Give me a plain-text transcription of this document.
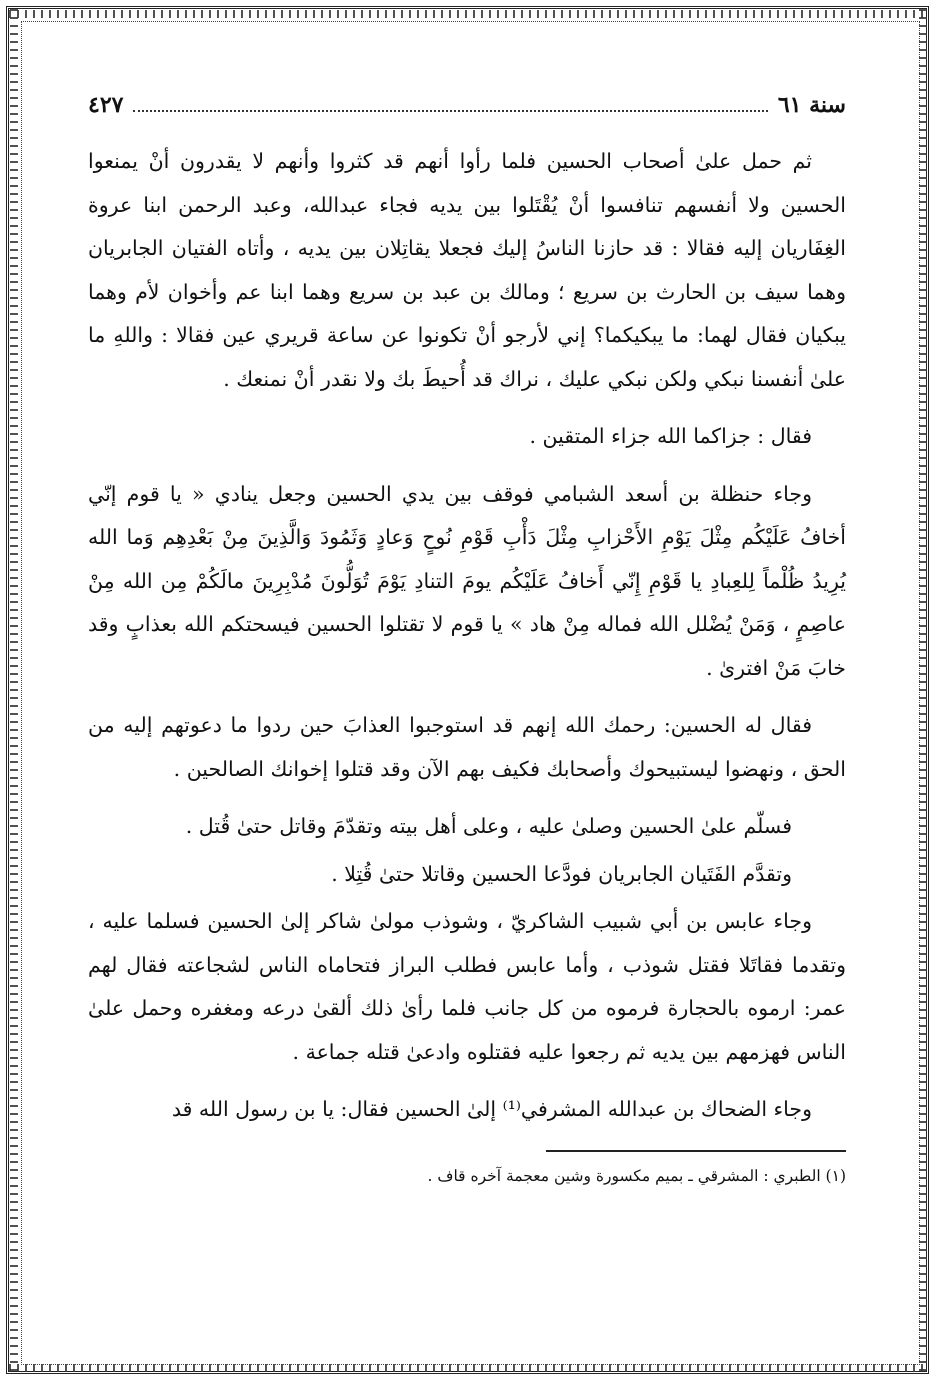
سنة ٦١
٤٢٧

ثم حمل علىٰ أصحاب الحسين فلما رأوا أنهم قد كثروا وأنهم لا يقدرون أنْ يمنعوا الحسين ولا أنفسهم تنافسوا أنْ يُقْتَلوا بين يديه فجاء عبدالله، وعبد الرحمن ابنا عروة الغِفَاريان إليه فقالا : قد حازنا الناسُ إليك فجعلا يقاتِلان بين يديه ، وأتاه الفتيان الجابريان وهما سيف بن الحارث بن سريع ؛ ومالك بن عبد بن سريع وهما ابنا عم وأخوان لأم وهما يبكيان فقال لهما: ما يبكيكما؟ إني لأرجو أنْ تكونوا عن ساعة قريري عين فقالا : واللهِ ما علىٰ أنفسنا نبكي ولكن نبكي عليك ، نراك قد أُحيطَ بك ولا نقدر أنْ نمنعك .

فقال : جزاكما الله جزاء المتقين .

وجاء حنظلة بن أسعد الشبامي فوقف بين يدي الحسين وجعل ينادي « يا قوم إنّي أخافُ عَلَيْكُم مِثْلَ يَوْمِ الأَحْزابِ مِثْلَ دَأْبِ قَوْمِ نُوحٍ وَعادٍ وَثَمُودَ وَالَّذِينَ مِنْ بَعْدِهِم وَما الله يُرِيدُ ظُلْماً لِلعِبادِ يا قَوْمِ إِنّي أَخافُ عَلَيْكُم يومَ التنادِ يَوْمَ تُوَلُّونَ مُدْبِرِينَ مالَكُمْ مِن الله مِنْ عاصِمٍ ، وَمَنْ يُضْلل الله فماله مِنْ هاد » يا قوم لا تقتلوا الحسين فيسحتكم الله بعذابٍ وقد خابَ مَنْ افترىٰ .

فقال له الحسين: رحمك الله إنهم قد استوجبوا العذابَ حين ردوا ما دعوتهم إليه من الحق ، ونهضوا ليستبيحوك وأصحابك فكيف بهم الآن وقد قتلوا إخوانك الصالحين .

فسلّم علىٰ الحسين وصلىٰ عليه ، وعلى أهل بيته وتقدّمَ وقاتل حتىٰ قُتل .

وتقدَّم الفَتَيان الجابريان فودَّعا الحسين وقاتلا حتىٰ قُتِلا .

وجاء عابس بن أبي شبيب الشاكريّ ، وشوذب مولىٰ شاكر إلىٰ الحسين فسلما عليه ، وتقدما فقاتَلا فقتل شوذب ، وأما عابس فطلب البراز فتحاماه الناس لشجاعته فقال لهم عمر: ارموه بالحجارة فرموه من كل جانب فلما رأىٰ ذلك ألقىٰ درعه ومغفره وحمل علىٰ الناس فهزمهم بين يديه ثم رجعوا عليه فقتلوه وادعىٰ قتله جماعة .

وجاء الضحاك بن عبدالله المشرفي⁽¹⁾ إلىٰ الحسين فقال: يا بن رسول الله قد

(١) الطبري : المشرقي ـ بميم مكسورة وشين معجمة آخره قاف .
